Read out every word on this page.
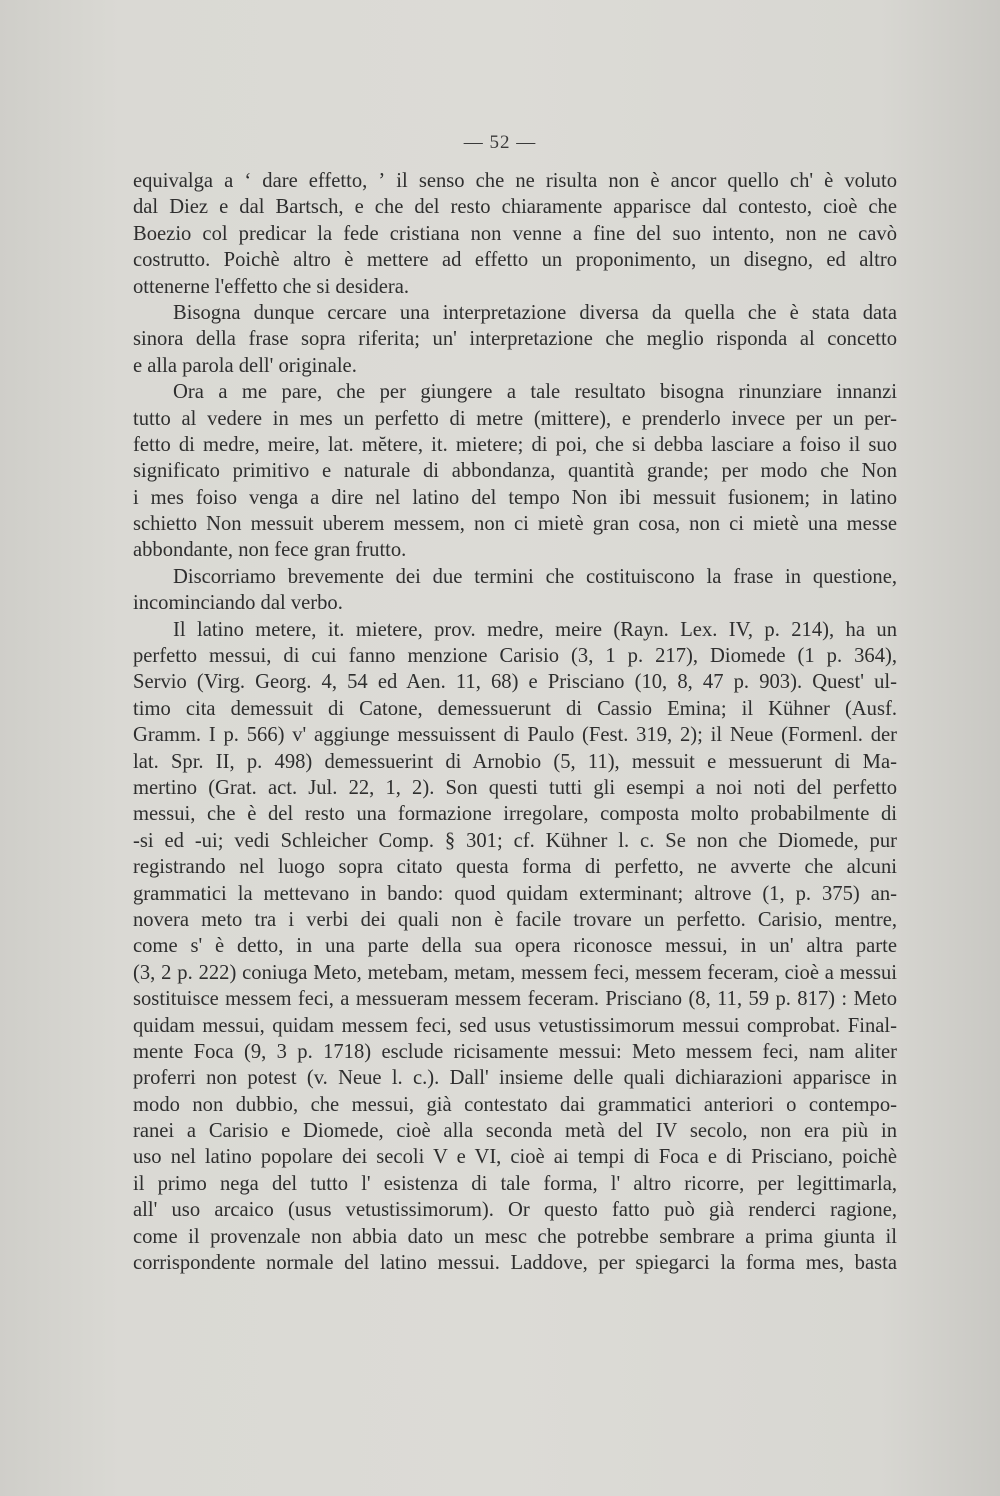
— 52 —
equivalga a ʻ dare effetto, ʼ il senso che ne risulta non è ancor quello ch' è voluto
dal Diez e dal Bartsch, e che del resto chiaramente apparisce dal contesto, cioè che
Boezio col predicar la fede cristiana non venne a fine del suo intento, non ne cavò
costrutto. Poichè altro è mettere ad effetto un proponimento, un disegno, ed altro
ottenerne l'effetto che si desidera.
Bisogna dunque cercare una interpretazione diversa da quella che è stata data
sinora della frase sopra riferita; un' interpretazione che meglio risponda al concetto
e alla parola dell' originale.
Ora a me pare, che per giungere a tale resultato bisogna rinunziare innanzi
tutto al vedere in mes un perfetto di metre (mittere), e prenderlo invece per un per-
fetto di medre, meire, lat. mĕtere, it. mietere; di poi, che si debba lasciare a foiso il suo
significato primitivo e naturale di abbondanza, quantità grande; per modo che Non
i mes foiso venga a dire nel latino del tempo Non ibi messuit fusionem; in latino
schietto Non messuit uberem messem, non ci mietè gran cosa, non ci mietè una messe
abbondante, non fece gran frutto.
Discorriamo brevemente dei due termini che costituiscono la frase in questione,
incominciando dal verbo.
Il latino metere, it. mietere, prov. medre, meire (Rayn. Lex. IV, p. 214), ha un
perfetto messui, di cui fanno menzione Carisio (3, 1 p. 217), Diomede (1 p. 364),
Servio (Virg. Georg. 4, 54 ed Aen. 11, 68) e Prisciano (10, 8, 47 p. 903). Quest' ul-
timo cita demessuit di Catone, demessuerunt di Cassio Emina; il Kühner (Ausf.
Gramm. I p. 566) v' aggiunge messuissent di Paulo (Fest. 319, 2); il Neue (Formenl. der
lat. Spr. II, p. 498) demessuerint di Arnobio (5, 11), messuit e messuerunt di Ma-
mertino (Grat. act. Jul. 22, 1, 2). Son questi tutti gli esempi a noi noti del perfetto
messui, che è del resto una formazione irregolare, composta molto probabilmente di
-si ed -ui; vedi Schleicher Comp. § 301; cf. Kühner l. c. Se non che Diomede, pur
registrando nel luogo sopra citato questa forma di perfetto, ne avverte che alcuni
grammatici la mettevano in bando: quod quidam exterminant; altrove (1, p. 375) an-
novera meto tra i verbi dei quali non è facile trovare un perfetto. Carisio, mentre,
come s' è detto, in una parte della sua opera riconosce messui, in un' altra parte
(3, 2 p. 222) coniuga Meto, metebam, metam, messem feci, messem feceram, cioè a messui
sostituisce messem feci, a messueram messem feceram. Prisciano (8, 11, 59 p. 817) : Meto
quidam messui, quidam messem feci, sed usus vetustissimorum messui comprobat. Final-
mente Foca (9, 3 p. 1718) esclude ricisamente messui: Meto messem feci, nam aliter
proferri non potest (v. Neue l. c.). Dall' insieme delle quali dichiarazioni apparisce in
modo non dubbio, che messui, già contestato dai grammatici anteriori o contempo-
ranei a Carisio e Diomede, cioè alla seconda metà del IV secolo, non era più in
uso nel latino popolare dei secoli V e VI, cioè ai tempi di Foca e di Prisciano, poichè
il primo nega del tutto l' esistenza di tale forma, l' altro ricorre, per legittimarla,
all' uso arcaico (usus vetustissimorum). Or questo fatto può già renderci ragione,
come il provenzale non abbia dato un mesc che potrebbe sembrare a prima giunta il
corrispondente normale del latino messui. Laddove, per spiegarci la forma mes, basta
